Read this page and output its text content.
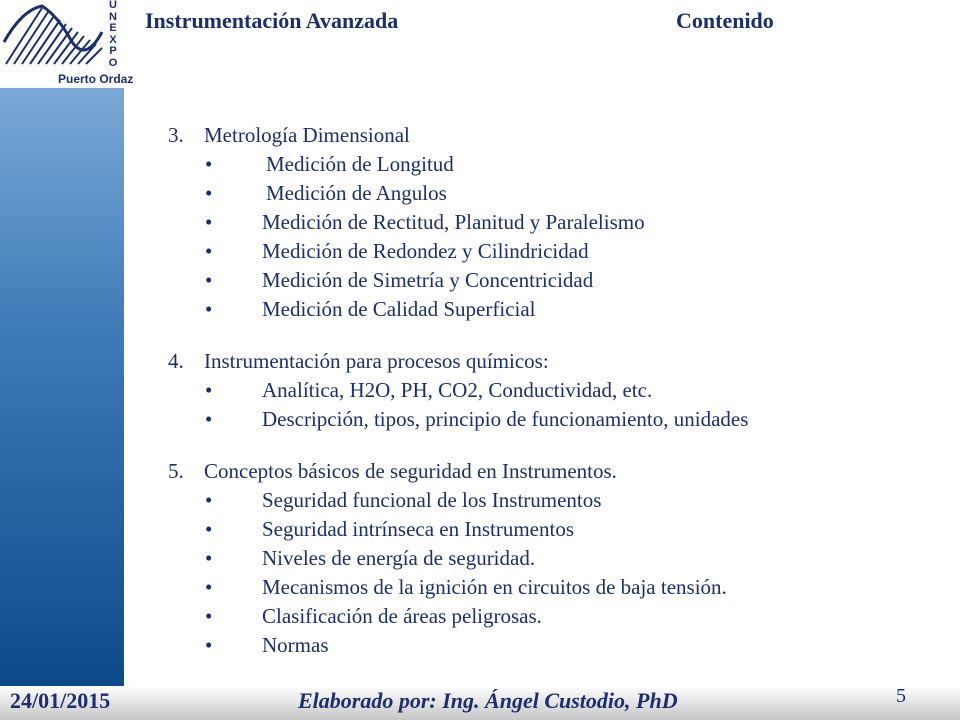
U
N
E
X
P
O
Puerto Ordaz
Instrumentación Avanzada	Contenido
3. Metrología Dimensional
•	Medición de Longitud
•	Medición de Angulos
• Medición de Rectitud, Planitud y Paralelismo
• Medición de Redondez y Cilindricidad
• Medición de Simetría y Concentricidad
• Medición de Calidad Superficial
4. Instrumentación para procesos químicos:
• Analítica, H2O, PH, CO2, Conductividad, etc.
• Descripción, tipos, principio de funcionamiento, unidades
5. Conceptos básicos de seguridad en Instrumentos.
• Seguridad funcional de los Instrumentos
• Seguridad intrínseca en Instrumentos
• Niveles de energía de seguridad.
• Mecanismos de la ignición en circuitos de baja tensión.
• Clasificación de áreas peligrosas.
• Normas
24/01/2015	Elaborado por: Ing. Ángel Custodio, PhD	5
